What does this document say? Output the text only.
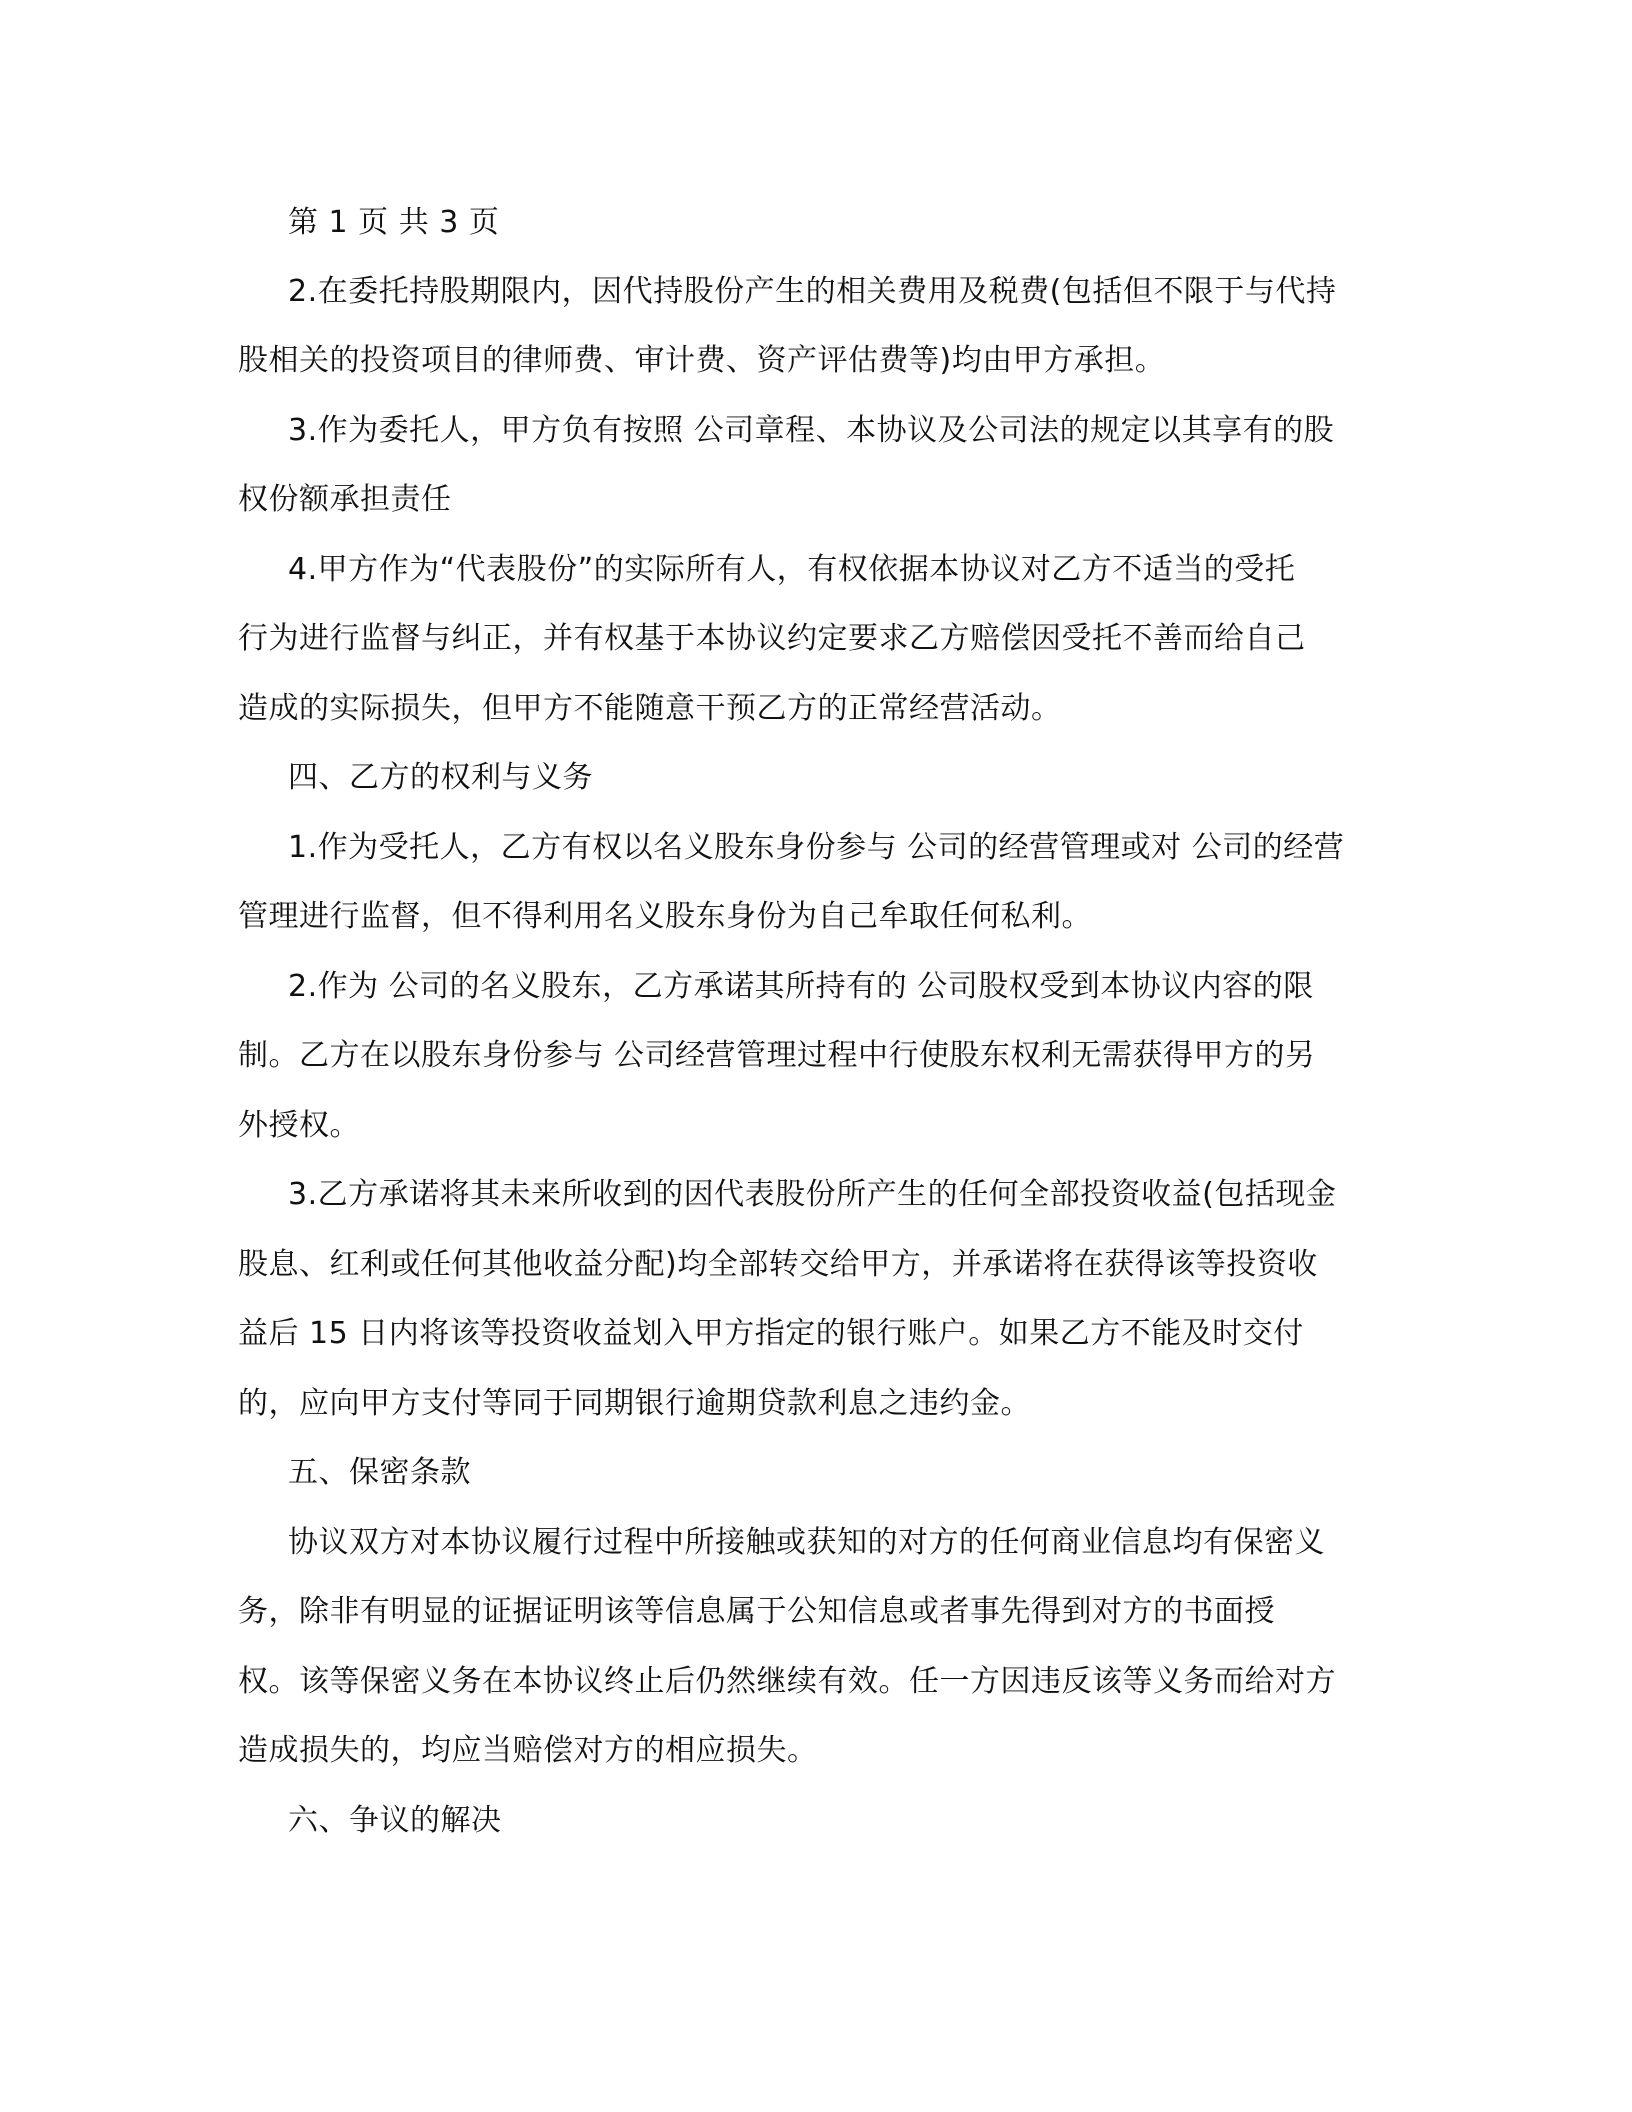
第 1 页 共 3 页
2.在委托持股期限内，因代持股份产生的相关费用及税费(包括但不限于与代持
股相关的投资项目的律师费、审计费、资产评估费等)均由甲方承担。
3.作为委托人，甲方负有按照 公司章程、本协议及公司法的规定以其享有的股
权份额承担责任
4.甲方作为“代表股份”的实际所有人，有权依据本协议对乙方不适当的受托
行为进行监督与纠正，并有权基于本协议约定要求乙方赔偿因受托不善而给自己
造成的实际损失，但甲方不能随意干预乙方的正常经营活动。
四、乙方的权利与义务
1.作为受托人，乙方有权以名义股东身份参与 公司的经营管理或对 公司的经营
管理进行监督，但不得利用名义股东身份为自己牟取任何私利。
2.作为 公司的名义股东，乙方承诺其所持有的 公司股权受到本协议内容的限
制。乙方在以股东身份参与 公司经营管理过程中行使股东权利无需获得甲方的另
外授权。
3.乙方承诺将其未来所收到的因代表股份所产生的任何全部投资收益(包括现金
股息、红利或任何其他收益分配)均全部转交给甲方，并承诺将在获得该等投资收
益后 15 日内将该等投资收益划入甲方指定的银行账户。如果乙方不能及时交付
的，应向甲方支付等同于同期银行逾期贷款利息之违约金。
五、保密条款
协议双方对本协议履行过程中所接触或获知的对方的任何商业信息均有保密义
务，除非有明显的证据证明该等信息属于公知信息或者事先得到对方的书面授
权。该等保密义务在本协议终止后仍然继续有效。任一方因违反该等义务而给对方
造成损失的，均应当赔偿对方的相应损失。
六、争议的解决
